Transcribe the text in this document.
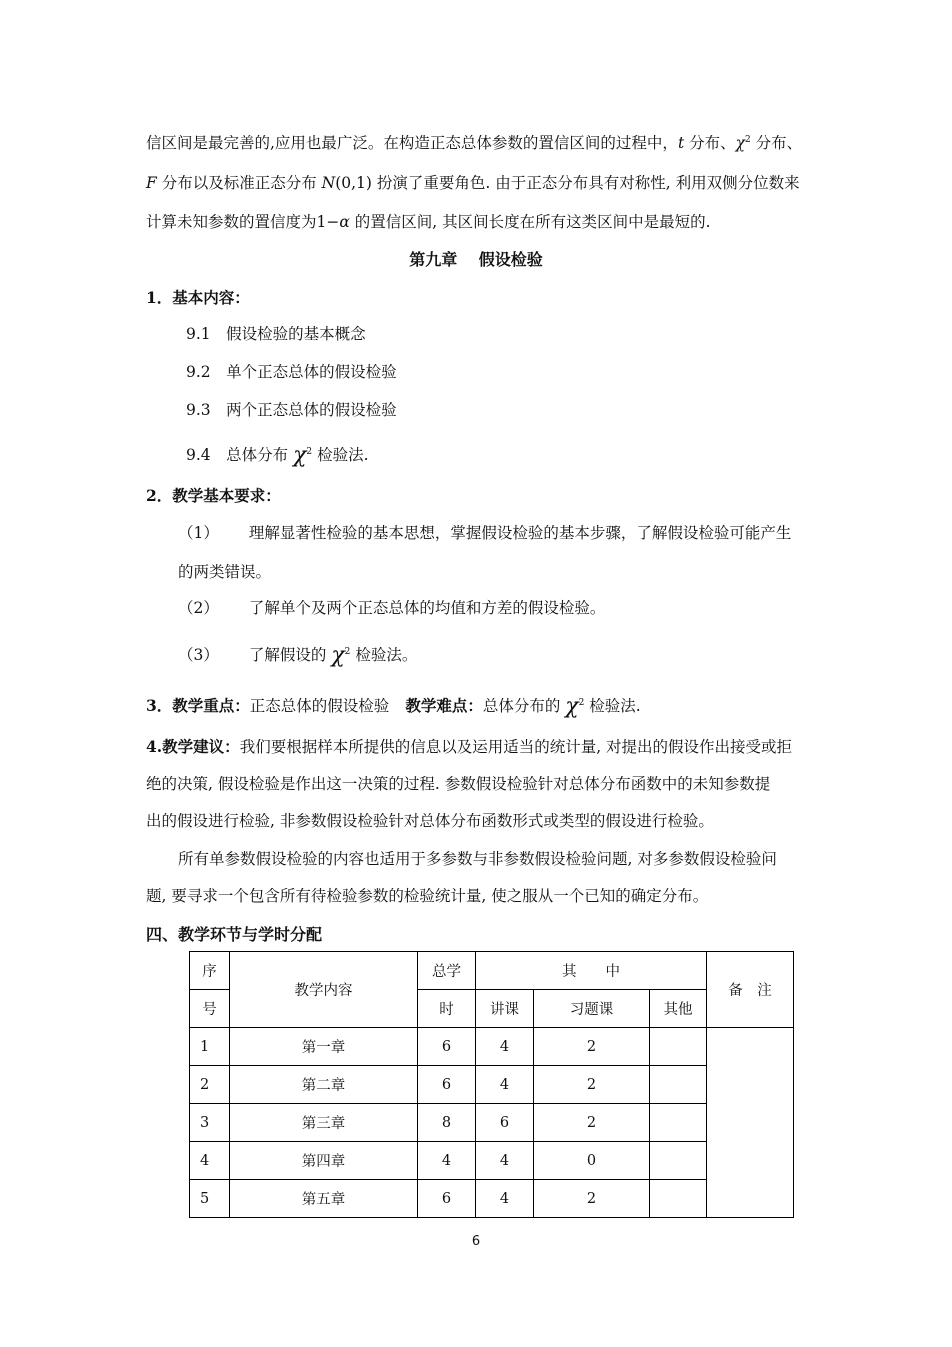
信区间是最完善的,应用也最广泛。在构造正态总体参数的置信区间的过程中，t 分布、$\chi^2$ 分布、
F 分布以及标准正态分布 N(0,1) 扮演了重要角色. 由于正态分布具有对称性, 利用双侧分位数来
计算未知参数的置信度为1−α 的置信区间, 其区间长度在所有这类区间中是最短的.
第九章　 假设检验
1．基本内容：
9.1　假设检验的基本概念
9.2　单个正态总体的假设检验
9.3　两个正态总体的假设检验
9.4　总体分布 $\chi^2$ 检验法.
2．教学基本要求：
（1） 理解显著性检验的基本思想，掌握假设检验的基本步骤，了解假设检验可能产生
的两类错误。
（2） 了解单个及两个正态总体的均值和方差的假设检验。
（3） 了解假设的 $\chi^2$ 检验法。
3．教学重点：正态总体的假设检验 教学难点：总体分布的 $\chi^2$ 检验法.
4.教学建议：我们要根据样本所提供的信息以及运用适当的统计量, 对提出的假设作出接受或拒
绝的决策, 假设检验是作出这一决策的过程. 参数假设检验针对总体分布函数中的未知参数提
出的假设进行检验, 非参数假设检验针对总体分布函数形式或类型的假设进行检验。
所有单参数假设检验的内容也适用于多参数与非参数假设检验问题, 对多参数假设检验问
题, 要寻求一个包含所有待检验参数的检验统计量, 使之服从一个已知的确定分布。
四、教学环节与学时分配
序	教学内容	总学	其　　中			备　注
号		时	讲课	习题课	其他	
1	第一章	6	4	2		
2	第二章	6	4	2		
3	第三章	8	6	2		
4	第四章	4	4	0		
5	第五章	6	4	2		
6
